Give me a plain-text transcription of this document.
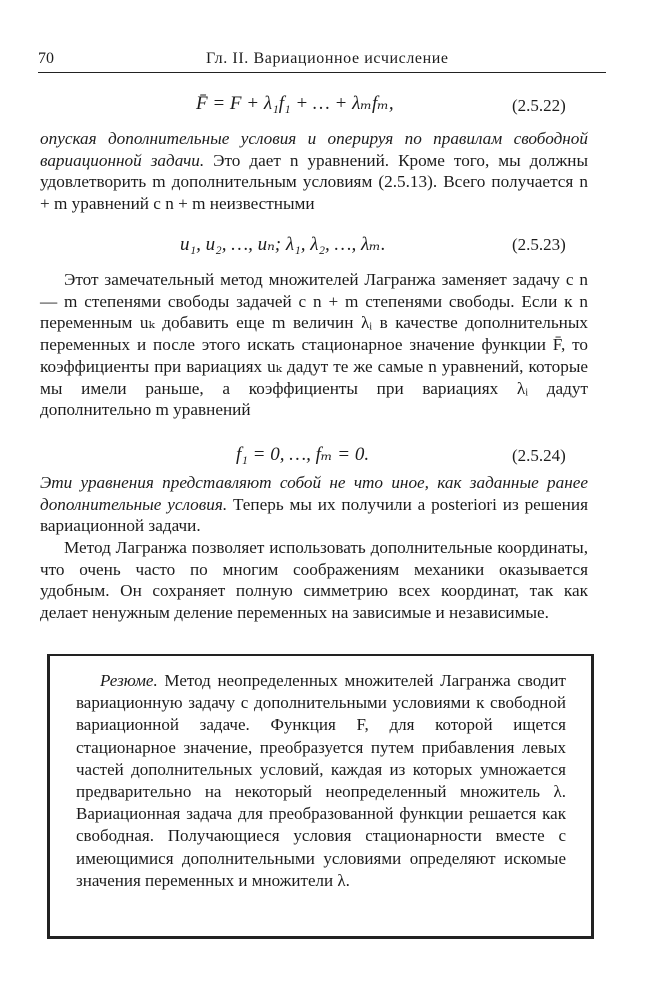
70	Гл. II. Вариационное исчисление
F̄ = F + λ₁f₁ + … + λₘfₘ,	(2.5.22)

опуская дополнительные условия и оперируя по правилам свободной вариационной задачи. Это дает n уравнений. Кроме того, мы должны удовлетворить m дополнительным условиям (2.5.13). Всего получается n + m уравнений с n + m неизвестными

u₁, u₂, …, uₙ; λ₁, λ₂, …, λₘ.	(2.5.23)

Этот замечательный метод множителей Лагранжа заменяет задачу с n — m степенями свободы задачей с n + m степенями свободы. Если к n переменным uₖ добавить еще m величин λᵢ в качестве дополнительных переменных и после этого искать стационарное значение функции F̄, то коэффициенты при вариациях uₖ дадут те же самые n уравнений, которые мы имели раньше, а коэффициенты при вариациях λᵢ дадут дополнительно m уравнений

f₁ = 0, …, fₘ = 0.	(2.5.24)

Эти уравнения представляют собой не что иное, как заданные ранее дополнительные условия. Теперь мы их получили a posteriori из решения вариационной задачи.

Метод Лагранжа позволяет использовать дополнительные координаты, что очень часто по многим соображениям механики оказывается удобным. Он сохраняет полную симметрию всех координат, так как делает ненужным деление переменных на зависимые и независимые.

Резюме. Метод неопределенных множителей Лагранжа сводит вариационную задачу с дополнительными условиями к свободной вариационной задаче. Функция F, для которой ищется стационарное значение, преобразуется путем прибавления левых частей дополнительных условий, каждая из которых умножается предварительно на некоторый неопределенный множитель λ. Вариационная задача для преобразованной функции решается как свободная. Получающиеся условия стационарности вместе с имеющимися дополнительными условиями определяют искомые значения переменных и множители λ.
